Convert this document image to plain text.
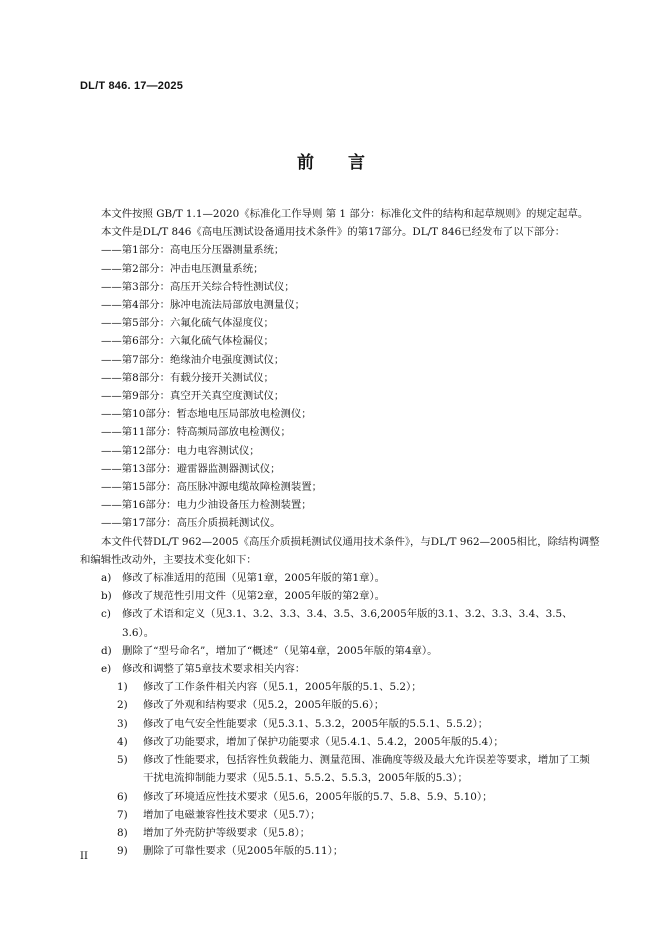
DL/T 846. 17—2025
前 言

本文件按照 GB/T 1.1—2020《标准化工作导则 第 1 部分：标准化文件的结构和起草规则》的规定起草。

本文件是DL/T 846《高电压测试设备通用技术条件》的第17部分。DL/T 846已经发布了以下部分：

——第1部分：高电压分压器测量系统；
——第2部分：冲击电压测量系统；
——第3部分：高压开关综合特性测试仪；
——第4部分：脉冲电流法局部放电测量仪；
——第5部分：六氟化硫气体湿度仪；
——第6部分：六氟化硫气体检漏仪；
——第7部分：绝缘油介电强度测试仪；
——第8部分：有载分接开关测试仪；
——第9部分：真空开关真空度测试仪；
——第10部分：暂态地电压局部放电检测仪；
——第11部分：特高频局部放电检测仪；
——第12部分：电力电容测试仪；
——第13部分：避雷器监测器测试仪；
——第15部分：高压脉冲源电缆故障检测装置；
——第16部分：电力少油设备压力检测装置；
——第17部分：高压介质损耗测试仪。

本文件代替DL/T 962—2005《高压介质损耗测试仪通用技术条件》，与DL/T 962—2005相比，除结构调整和编辑性改动外，主要技术变化如下：

a)	修改了标准适用的范围（见第1章，2005年版的第1章）。
b) 修改了规范性引用文件（见第2章，2005年版的第2章）。
c)	修改了术语和定义（见3.1、3.2、3.3、3.4、3.5、3.6,2005年版的3.1、3.2、3.3、3.4、3.5、3.6）。
d) 删除了“型号命名”，增加了“概述”（见第4章，2005年版的第4章）。
e)	修改和调整了第5章技术要求相关内容：
1)	修改了工作条件相关内容（见5.1，2005年版的5.1、5.2）；
2)	修改了外观和结构要求（见5.2，2005年版的5.6）；
3)	修改了电气安全性能要求（见5.3.1、5.3.2，2005年版的5.5.1、5.5.2）；
4)	修改了功能要求，增加了保护功能要求（见5.4.1、5.4.2，2005年版的5.4）；
5)	修改了性能要求，包括容性负载能力、测量范围、准确度等级及最大允许误差等要求，增加了工频干扰电流抑制能力要求（见5.5.1、5.5.2、5.5.3，2005年版的5.3）；
6)	修改了环境适应性技术要求（见5.6，2005年版的5.7、5.8、5.9、5.10）；
7)	增加了电磁兼容性技术要求（见5.7）；
8)	增加了外壳防护等级要求（见5.8）；
9)	删除了可靠性要求（见2005年版的5.11）；
II
